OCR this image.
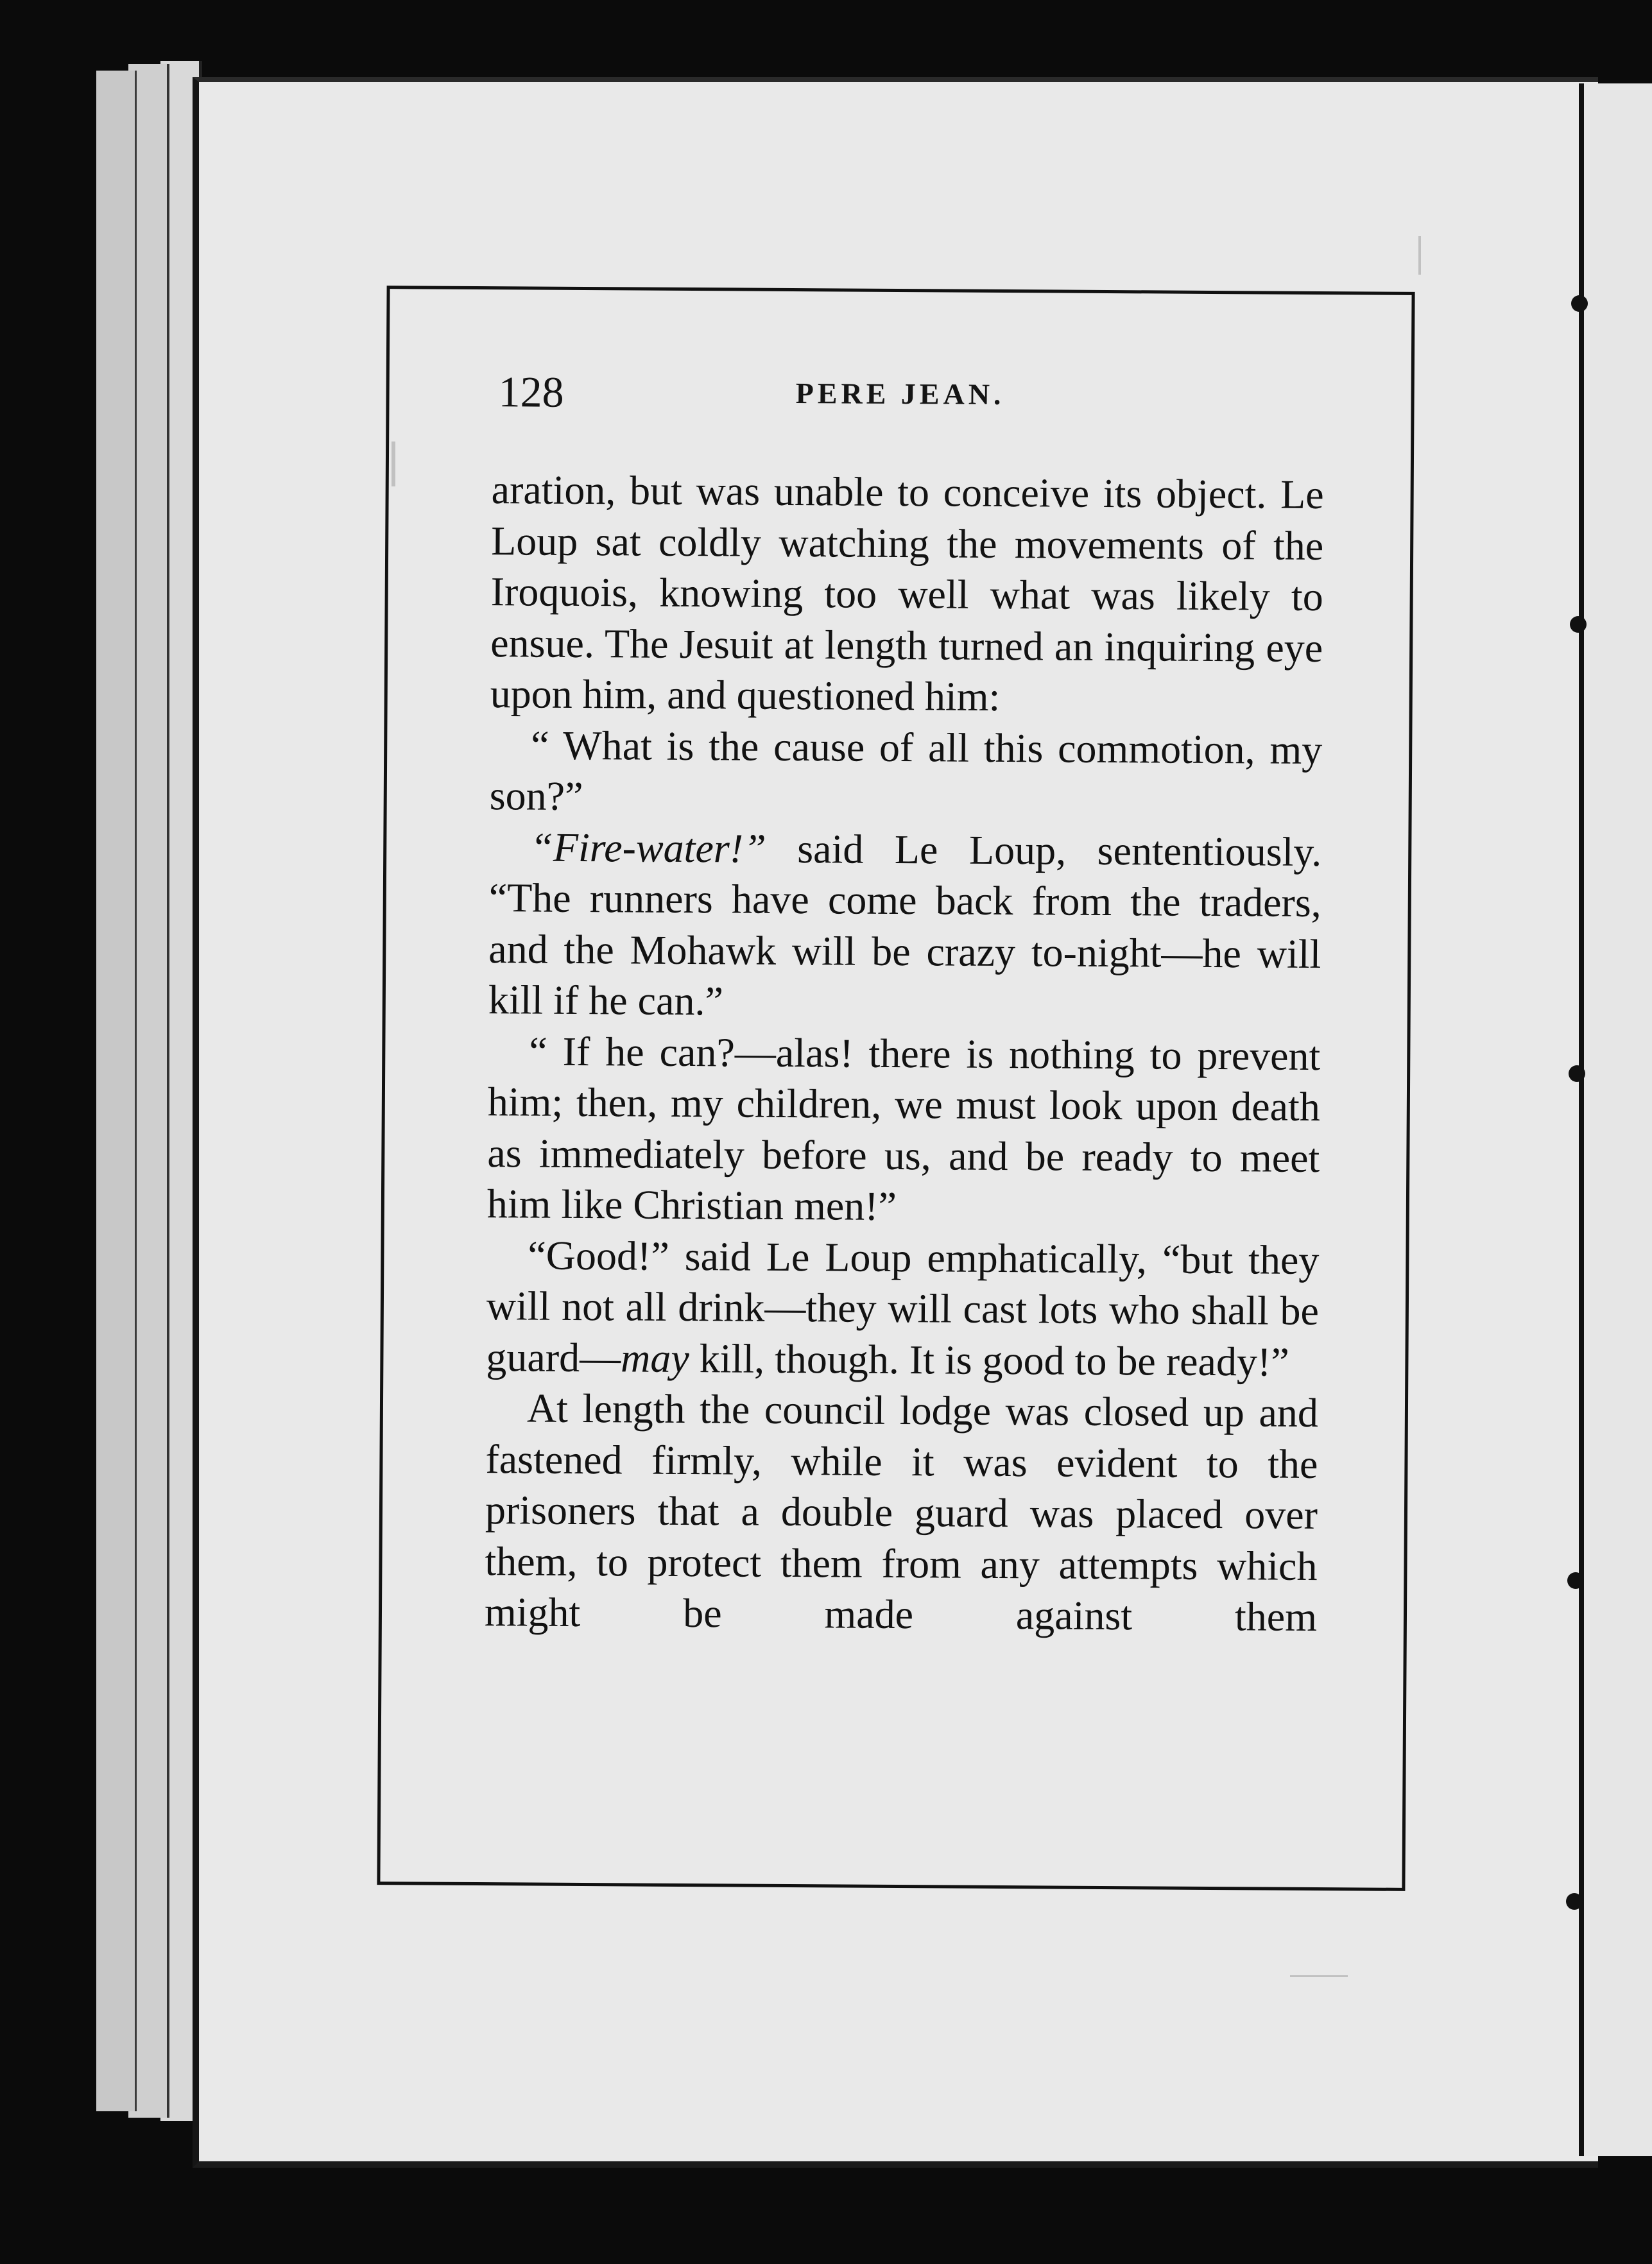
128	PERE JEAN.

aration, but was unable to conceive its object. Le Loup sat coldly watching the movements of the Iroquois, knowing too well what was likely to ensue. The Jesuit at length turned an inquiring eye upon him, and questioned him:

“ What is the cause of all this commotion, my son?”

“Fire-water!” said Le Loup, sententiously. “The runners have come back from the traders, and the Mohawk will be crazy to-night—he will kill if he can.”

“ If he can?—alas! there is nothing to prevent him; then, my children, we must look upon death as immediately before us, and be ready to meet him like Christian men!”

“Good!” said Le Loup emphatically, “but they will not all drink—they will cast lots who shall be guard—may kill, though. It is good to be ready!”

At length the council lodge was closed up and fastened firmly, while it was evident to the prisoners that a double guard was placed over them, to protect them from any attempts which might be made against them
